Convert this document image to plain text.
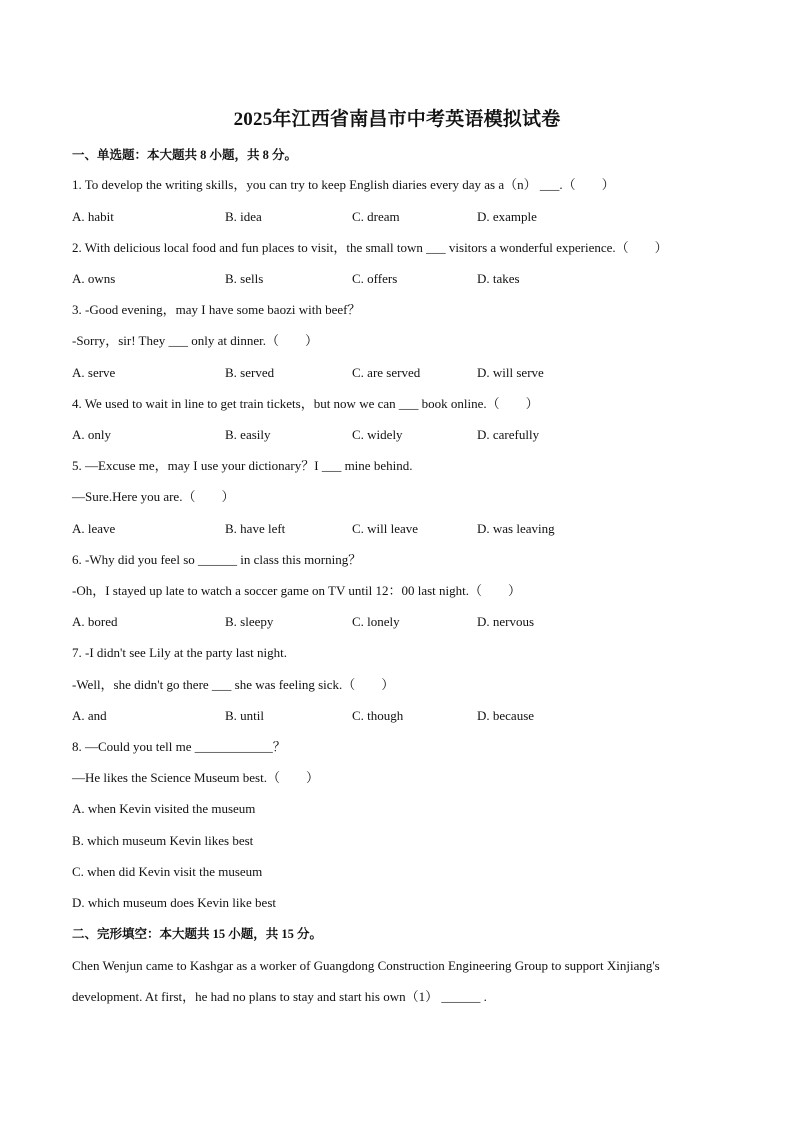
2025年江西省南昌市中考英语模拟试卷
一、单选题：本大题共 8 小题，共 8 分。
1. To develop the writing skills，you can try to keep English diaries every day as a（n） ___.（　　）
A. habit	B. idea	C. dream	D. example
2. With delicious local food and fun places to visit，the small town ___ visitors a wonderful experience.（　　）
A. owns	B. sells	C. offers	D. takes
3. -Good evening，may I have some baozi with beef？
-Sorry，sir! They ___ only at dinner.（　　）
A. serve	B. served	C. are served	D. will serve
4. We used to wait in line to get train tickets，but now we can ___ book online.（　　）
A. only	B. easily	C. widely	D. carefully
5. —Excuse me，may I use your dictionary？I ___ mine behind.
—Sure.Here you are.（　　）
A. leave	B. have left	C. will leave	D. was leaving
6. -Why did you feel so ______ in class this morning？
-Oh，I stayed up late to watch a soccer game on TV until 12：00 last night.（　　）
A. bored	B. sleepy	C. lonely	D. nervous
7. -I didn't see Lily at the party last night.
-Well，she didn't go there ___ she was feeling sick.（　　）
A. and	B. until	C. though	D. because
8. —Could you tell me ____________？
—He likes the Science Museum best.（　　）
A. when Kevin visited the museum
B. which museum Kevin likes best
C. when did Kevin visit the museum
D. which museum does Kevin like best
二、完形填空：本大题共 15 小题，共 15 分。
Chen Wenjun came to Kashgar as a worker of Guangdong Construction Engineering Group to support Xinjiang's development. At first，he had no plans to stay and start his own（1） ______ .
